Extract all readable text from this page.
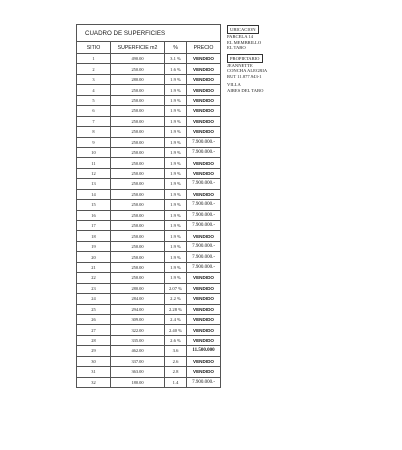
CUADRO DE SUPERFICIES			
SITIO	SUPERFICIE m2	%	PRECIO
1	490.00	3.1 %	VENDIDO
2	250.00	1.6 %	VENDIDO
3	280.00	1.9 %	VENDIDO
4	250.00	1.9 %	VENDIDO
5	250.00	1.9 %	VENDIDO
6	250.00	1.9 %	VENDIDO
7	250.00	1.9 %	VENDIDO
8	250.00	1.9 %	VENDIDO
9	250.00	1.9 %	7.900.000.-
10	250.00	1.9 %	7.900.000.-
11	250.00	1.9 %	VENDIDO
12	250.00	1.9 %	VENDIDO
13	250.00	1.9 %	7.900.000.-
14	250.00	1.9 %	VENDIDO
15	250.00	1.9 %	7.900.000.-
16	250.00	1.9 %	7.900.000.-
17	250.00	1.9 %	7.900.000.-
18	250.00	1.9 %	VENDIDO
19	250.00	1.9 %	7.900.000.-
20	250.00	1.9 %	7.900.000.-
21	250.00	1.9 %	7.900.000.-
22	250.00	1.9 %	VENDIDO
23	280.00	2.07 %	VENDIDO
24	284.00	2.2 %	VENDIDO
25	294.00	2.28 %	VENDIDO
26	309.00	2.4 %	VENDIDO
27	322.00	2.40 %	VENDIDO
28	335.00	2.6 %	VENDIDO
29	462.00	3.6	11.500.000
30	337.00	2.6	VENDIDO
31	363.00	2.8	VENDIDO
32	180.00	1.4	7.900.000.-
UBICACION
PARCELA 14
EL MEMBRILLO
EL TABO
PROPIETARIO
JEANNETTE
CONCHA ALEGRIA
RUT 11.877.943-1
VILLA
AIRES DEL TABO
